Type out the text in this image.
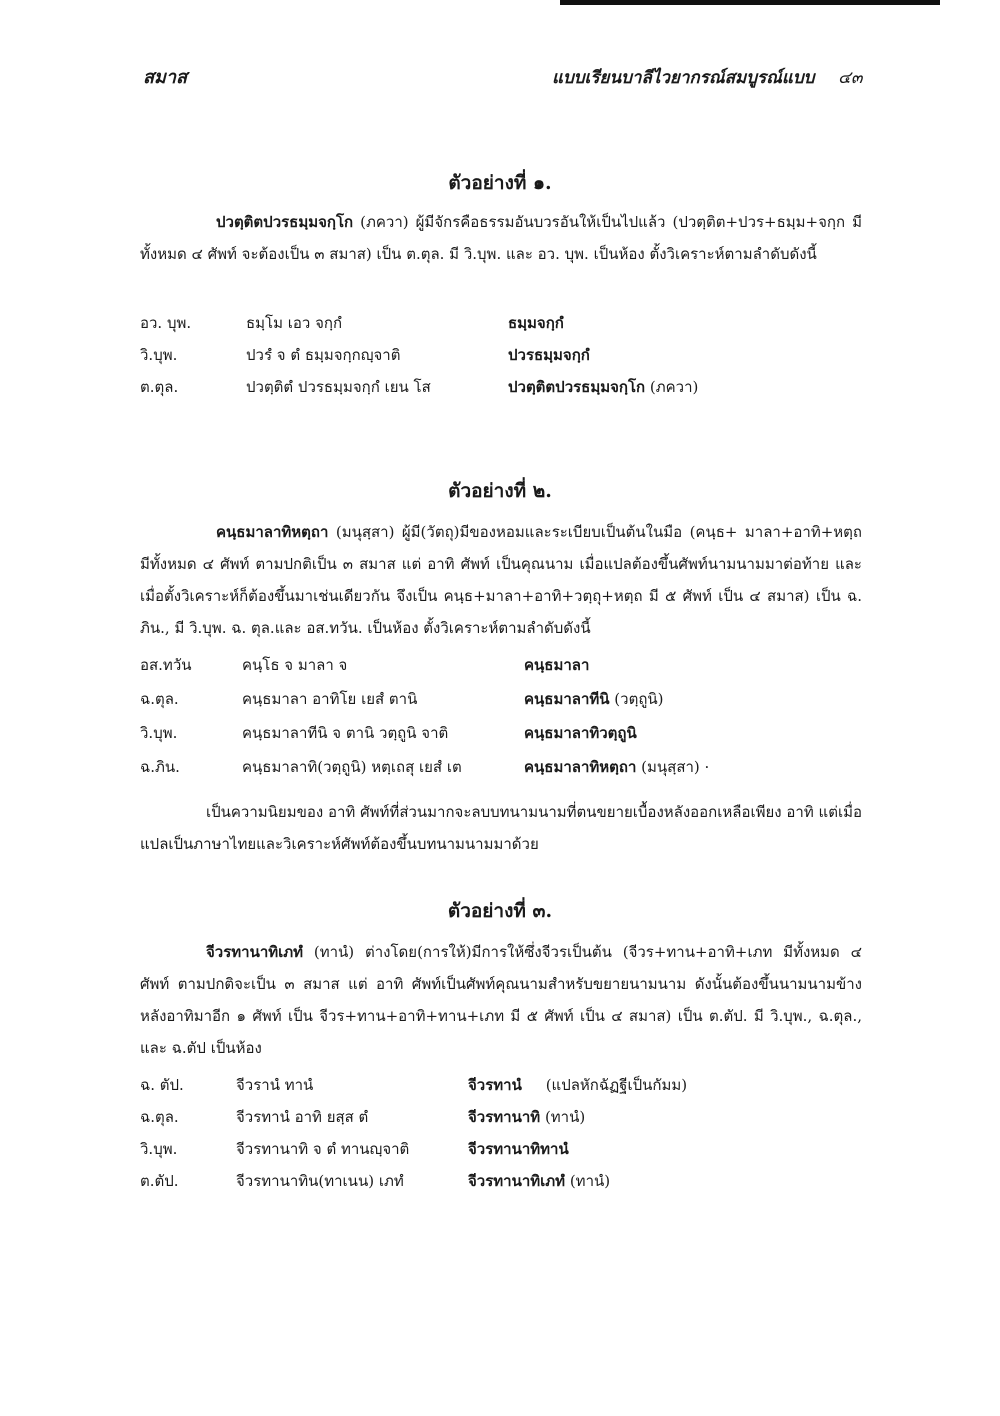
สมาส	แบบเรียนบาลีไวยากรณ์สมบูรณ์แบบ ๔๓
ตัวอย่างที่ ๑.
ปวตฺติตปวรธมฺมจกฺโก (ภควา) ผู้มีจักรคือธรรมอันบวรอันให้เป็นไปแล้ว (ปวตฺติต+ปวร+ธมฺม+จกฺก มีทั้งหมด ๔ ศัพท์ จะต้องเป็น ๓ สมาส) เป็น ต.ตุล. มี วิ.บุพ. และ อว. บุพ. เป็นห้อง ตั้งวิเคราะห์ตามลำดับดังนี้
อว. บุพ.	ธมฺโม เอว จกฺกํ	ธมฺมจกฺกํ
วิ.บุพ.	ปวรํ จ ตํ ธมฺมจกฺกญฺจาติ	ปวรธมฺมจกฺกํ
ต.ตุล.	ปวตฺติตํ ปวรธมฺมจกฺกํ เยน โส	ปวตฺติตปวรธมฺมจกฺโก (ภควา)
ตัวอย่างที่ ๒.
คนฺธมาลาทิหตฺถา (มนุสฺสา) ผู้มี(วัตถุ)มีของหอมและระเบียบเป็นต้นในมือ (คนฺธ+ มาลา+อาทิ+หตฺถ มีทั้งหมด ๔ ศัพท์ ตามปกติเป็น ๓ สมาส แต่ อาทิ ศัพท์ เป็นคุณนาม เมื่อแปลต้องขึ้นศัพท์นามนามมาต่อท้าย และเมื่อตั้งวิเคราะห์ก็ต้องขึ้นมาเช่นเดียวกัน จึงเป็น คนฺธ+มาลา+อาทิ+วตฺถุ+หตฺถ มี ๕ ศัพท์ เป็น ๔ สมาส) เป็น ฉ. ภิน., มี วิ.บุพ. ฉ. ตุล.และ อส.ทวัน. เป็นห้อง ตั้งวิเคราะห์ตามลำดับดังนี้
อส.ทวัน	คนฺโธ จ มาลา จ	คนฺธมาลา
ฉ.ตุล.	คนฺธมาลา อาทิโย เยสํ ตานิ	คนฺธมาลาทีนิ (วตฺถูนิ)
วิ.บุพ.	คนฺธมาลาทีนิ จ ตานิ วตฺถูนิ จาติ	คนฺธมาลาทิวตฺถูนิ
ฉ.ภิน.	คนฺธมาลาทิ(วตฺถูนิ) หตฺเถสุ เยสํ เต	คนฺธมาลาทิหตฺถา (มนุสฺสา) ·
เป็นความนิยมของ อาทิ ศัพท์ที่ส่วนมากจะลบบทนามนามที่ตนขยายเบื้องหลังออกเหลือเพียง อาทิ แต่เมื่อแปลเป็นภาษาไทยและวิเคราะห์ศัพท์ต้องขึ้นบทนามนามมาด้วย
ตัวอย่างที่ ๓.
จีวรทานาทิเภทํ (ทานํ) ต่างโดย(การให้)มีการให้ซึ่งจีวรเป็นต้น (จีวร+ทาน+อาทิ+เภท มีทั้งหมด ๔ ศัพท์ ตามปกติจะเป็น ๓ สมาส แต่ อาทิ ศัพท์เป็นศัพท์คุณนามสำหรับขยายนามนาม ดังนั้นต้องขึ้นนามนามข้างหลังอาทิมาอีก ๑ ศัพท์ เป็น จีวร+ทาน+อาทิ+ทาน+เภท มี ๕ ศัพท์ เป็น ๔ สมาส) เป็น ต.ตัป. มี วิ.บุพ., ฉ.ตุล., และ ฉ.ตัป เป็นห้อง
ฉ. ตัป.	จีวรานํ ทานํ	จีวรทานํ (แปลหักฉัฏฐีเป็นกัมม)
ฉ.ตุล.	จีวรทานํ อาทิ ยสฺส ตํ	จีวรทานาทิ (ทานํ)
วิ.บุพ.	จีวรทานาทิ จ ตํ ทานญฺจาติ	จีวรทานาทิทานํ
ต.ตัป.	จีวรทานาทิน(ทาเนน) เภทํ	จีวรทานาทิเภทํ (ทานํ)
